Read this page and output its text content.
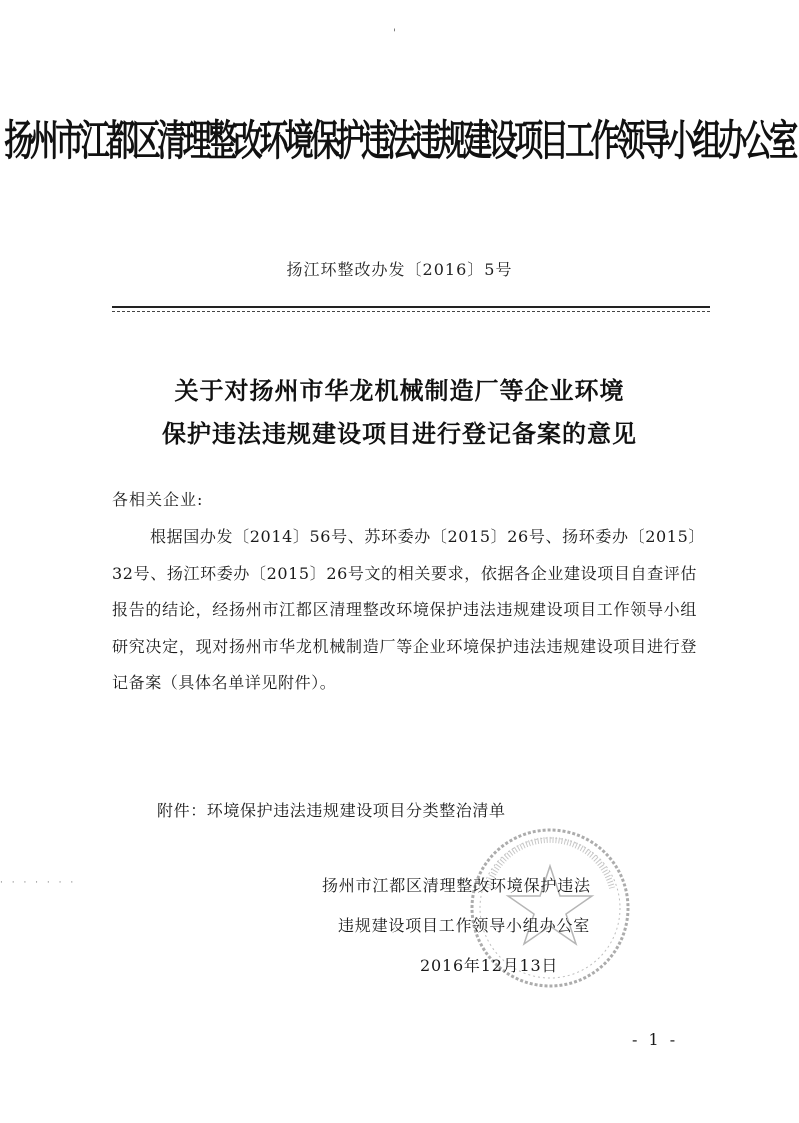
'
扬州市江都区清理整改环境保护违法违规建设项目工作领导小组办公室
扬江环整改办发〔2016〕5号
关于对扬州市华龙机械制造厂等企业环境
保护违法违规建设项目进行登记备案的意见
各相关企业:
根据国办发〔2014〕56号、苏环委办〔2015〕26号、扬环委办〔2015〕32号、扬江环委办〔2015〕26号文的相关要求，依据各企业建设项目自查评估报告的结论，经扬州市江都区清理整改环境保护违法违规建设项目工作领导小组研究决定，现对扬州市华龙机械制造厂等企业环境保护违法违规建设项目进行登记备案（具体名单详见附件）。
附件：环境保护违法违规建设项目分类整治清单
扬州市江都区清理整改环境保护违法
违规建设项目工作领导小组办公室
2016年12月13日
· · · · · · ·
- 1 -
